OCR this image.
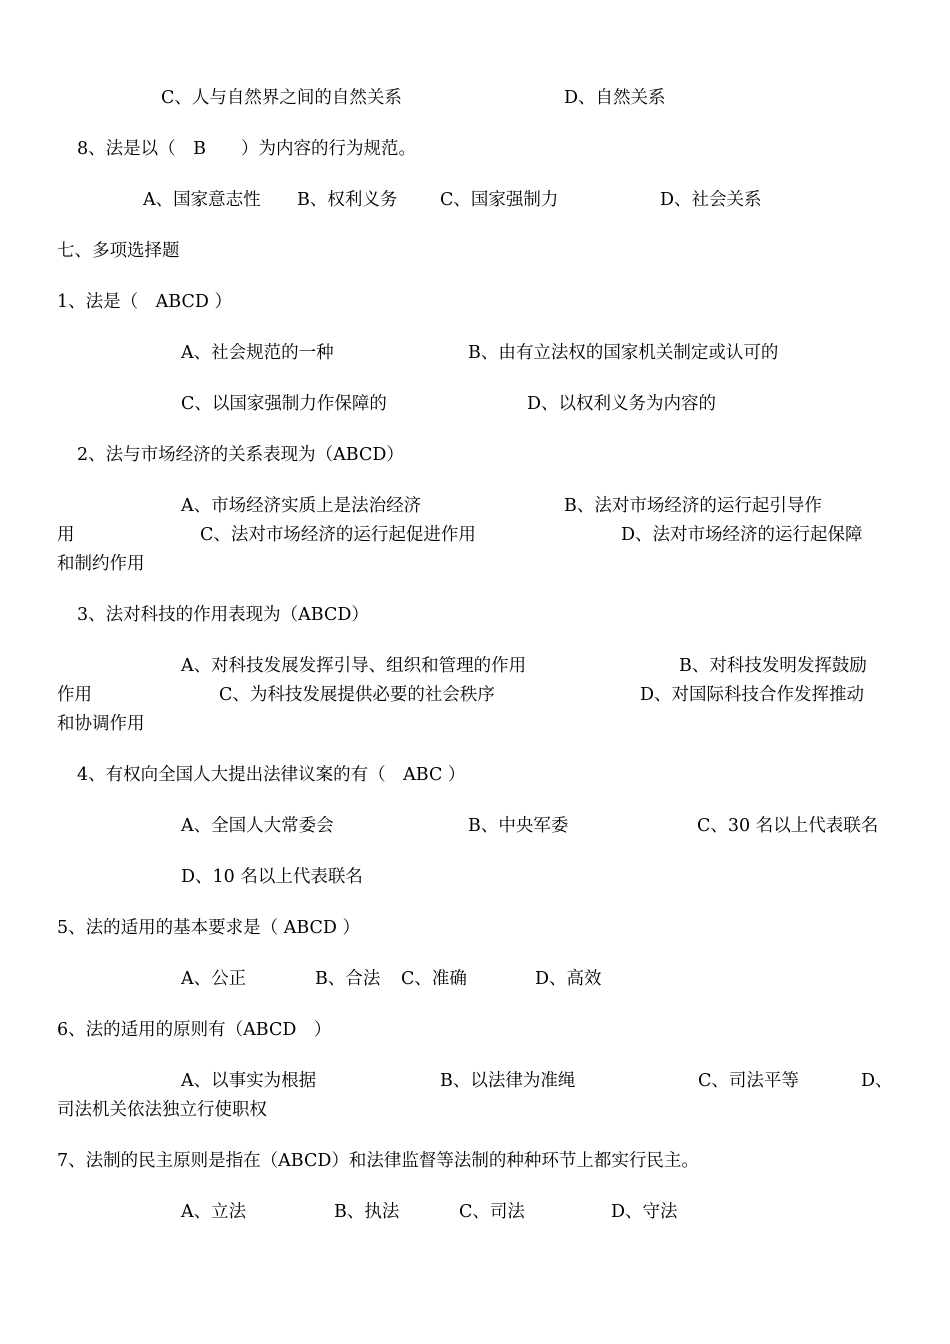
C、人与自然界之间的自然关系	D、自然关系
8、法是以（　B　　）为内容的行为规范。
A、国家意志性 B、权利义务 C、国家强制力	D、社会关系
七、多项选择题
1、法是（　ABCD ）
A、社会规范的一种	B、由有立法权的国家机关制定或认可的
C、以国家强制力作保障的	D、以权利义务为内容的
2、法与市场经济的关系表现为（ABCD）
A、市场经济实质上是法治经济	B、法对市场经济的运行起引导作
用	C、法对市场经济的运行起促进作用	D、法对市场经济的运行起保障
和制约作用
3、法对科技的作用表现为（ABCD）
A、对科技发展发挥引导、组织和管理的作用	B、对科技发明发挥鼓励
作用	C、为科技发展提供必要的社会秩序	D、对国际科技合作发挥推动
和协调作用
4、有权向全国人大提出法律议案的有（　ABC ）
A、全国人大常委会	B、中央军委	C、30 名以上代表联名
D、10 名以上代表联名
5、法的适用的基本要求是（ ABCD ）
A、公正	B、合法 C、准确	D、高效
6、法的适用的原则有（ABCD　）
A、以事实为根据	B、以法律为准绳	C、司法平等	D、
司法机关依法独立行使职权
7、法制的民主原则是指在（ABCD）和法律监督等法制的种种环节上都实行民主。
A、立法	B、执法	C、司法	D、守法
